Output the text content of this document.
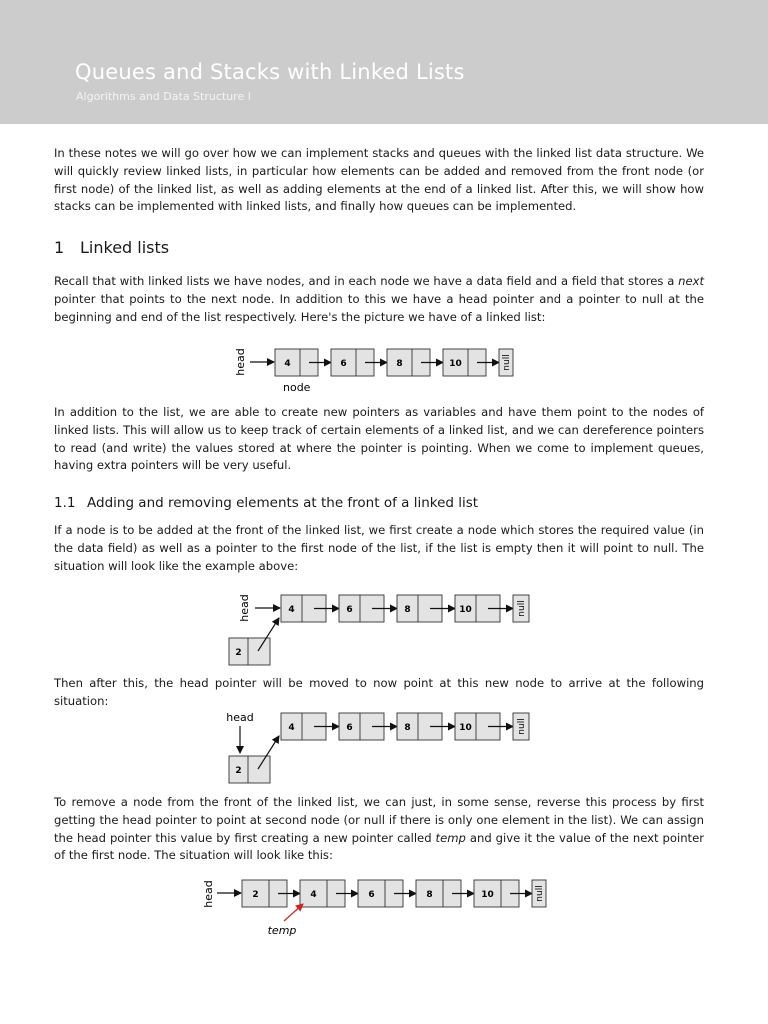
Queues and Stacks with Linked Lists
Algorithms and Data Structure I

In these notes we will go over how we can implement stacks and queues with the linked list data structure. We will quickly review linked lists, in particular how elements can be added and removed from the front node (or first node) of the linked list, as well as adding elements at the end of a linked list. After this, we will show how stacks can be implemented with linked lists, and finally how queues can be implemented.

1 Linked lists

Recall that with linked lists we have nodes, and in each node we have a data field and a field that stores a next pointer that points to the next node. In addition to this we have a head pointer and a pointer to null at the beginning and end of the list respectively. Here's the picture we have of a linked list:

head	4	6	8	10	null
node

In addition to the list, we are able to create new pointers as variables and have them point to the nodes of linked lists. This will allow us to keep track of certain elements of a linked list, and we can dereference pointers to read (and write) the values stored at where the pointer is pointing. When we come to implement queues, having extra pointers will be very useful.

1.1 Adding and removing elements at the front of a linked list

If a node is to be added at the front of the linked list, we first create a node which stores the required value (in the data field) as well as a pointer to the first node of the list, if the list is empty then it will point to null. The situation will look like the example above:

head	4	6	8	10	null
2

Then after this, the head pointer will be moved to now point at this new node to arrive at the following situation:

head
4	6	8	10	null
2

To remove a node from the front of the linked list, we can just, in some sense, reverse this process by first getting the head pointer to point at second node (or null if there is only one element in the list). We can assign the head pointer this value by first creating a new pointer called temp and give it the value of the next pointer of the first node. The situation will look like this:

head	2	4	6	8	10	null
temp
